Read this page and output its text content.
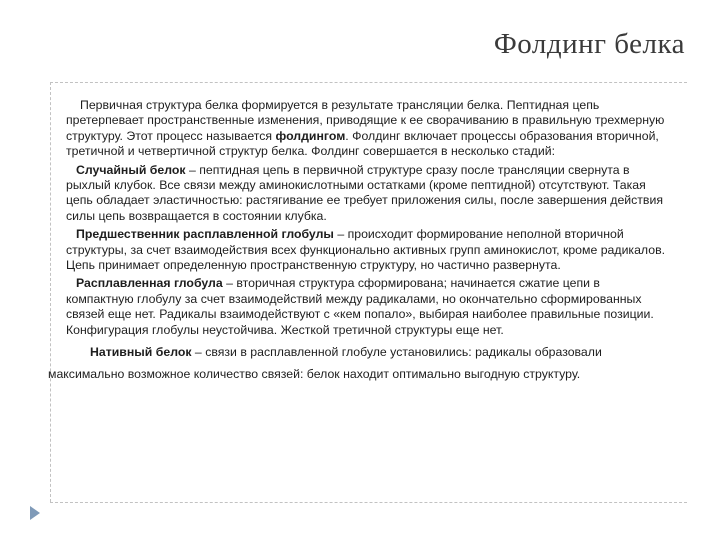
Фолдинг белка

Первичная структура белка формируется в результате трансляции белка. Пептидная цепь претерпевает пространственные изменения, приводящие к ее сворачиванию в правильную трехмерную структуру. Этот процесс называется фолдингом. Фолдинг включает процессы образования вторичной, третичной и четвертичной структур белка. Фолдинг совершается в несколько стадий:

Случайный белок – пептидная цепь в первичной структуре сразу после трансляции свернута в рыхлый клубок. Все связи между аминокислотными остатками (кроме пептидной) отсутствуют. Такая цепь обладает эластичностью: растягивание ее требует приложения силы, после завершения действия силы цепь возвращается в состоянии клубка.

Предшественник расплавленной глобулы – происходит формирование неполной вторичной структуры, за счет взаимодействия всех функционально активных групп аминокислот, кроме радикалов. Цепь принимает определенную пространственную структуру, но частично развернута.

Расплавленная глобула – вторичная структура сформирована; начинается сжатие цепи в компактную глобулу за счет взаимодействий между радикалами, но окончательно сформированных связей еще нет. Радикалы взаимодействуют с «кем попало», выбирая наиболее правильные позиции. Конфигурация глобулы неустойчива. Жесткой третичной структуры еще нет.

Нативный белок – связи в расплавленной глобуле установились: радикалы образовали максимально возможное количество связей: белок находит оптимально выгодную структуру.
